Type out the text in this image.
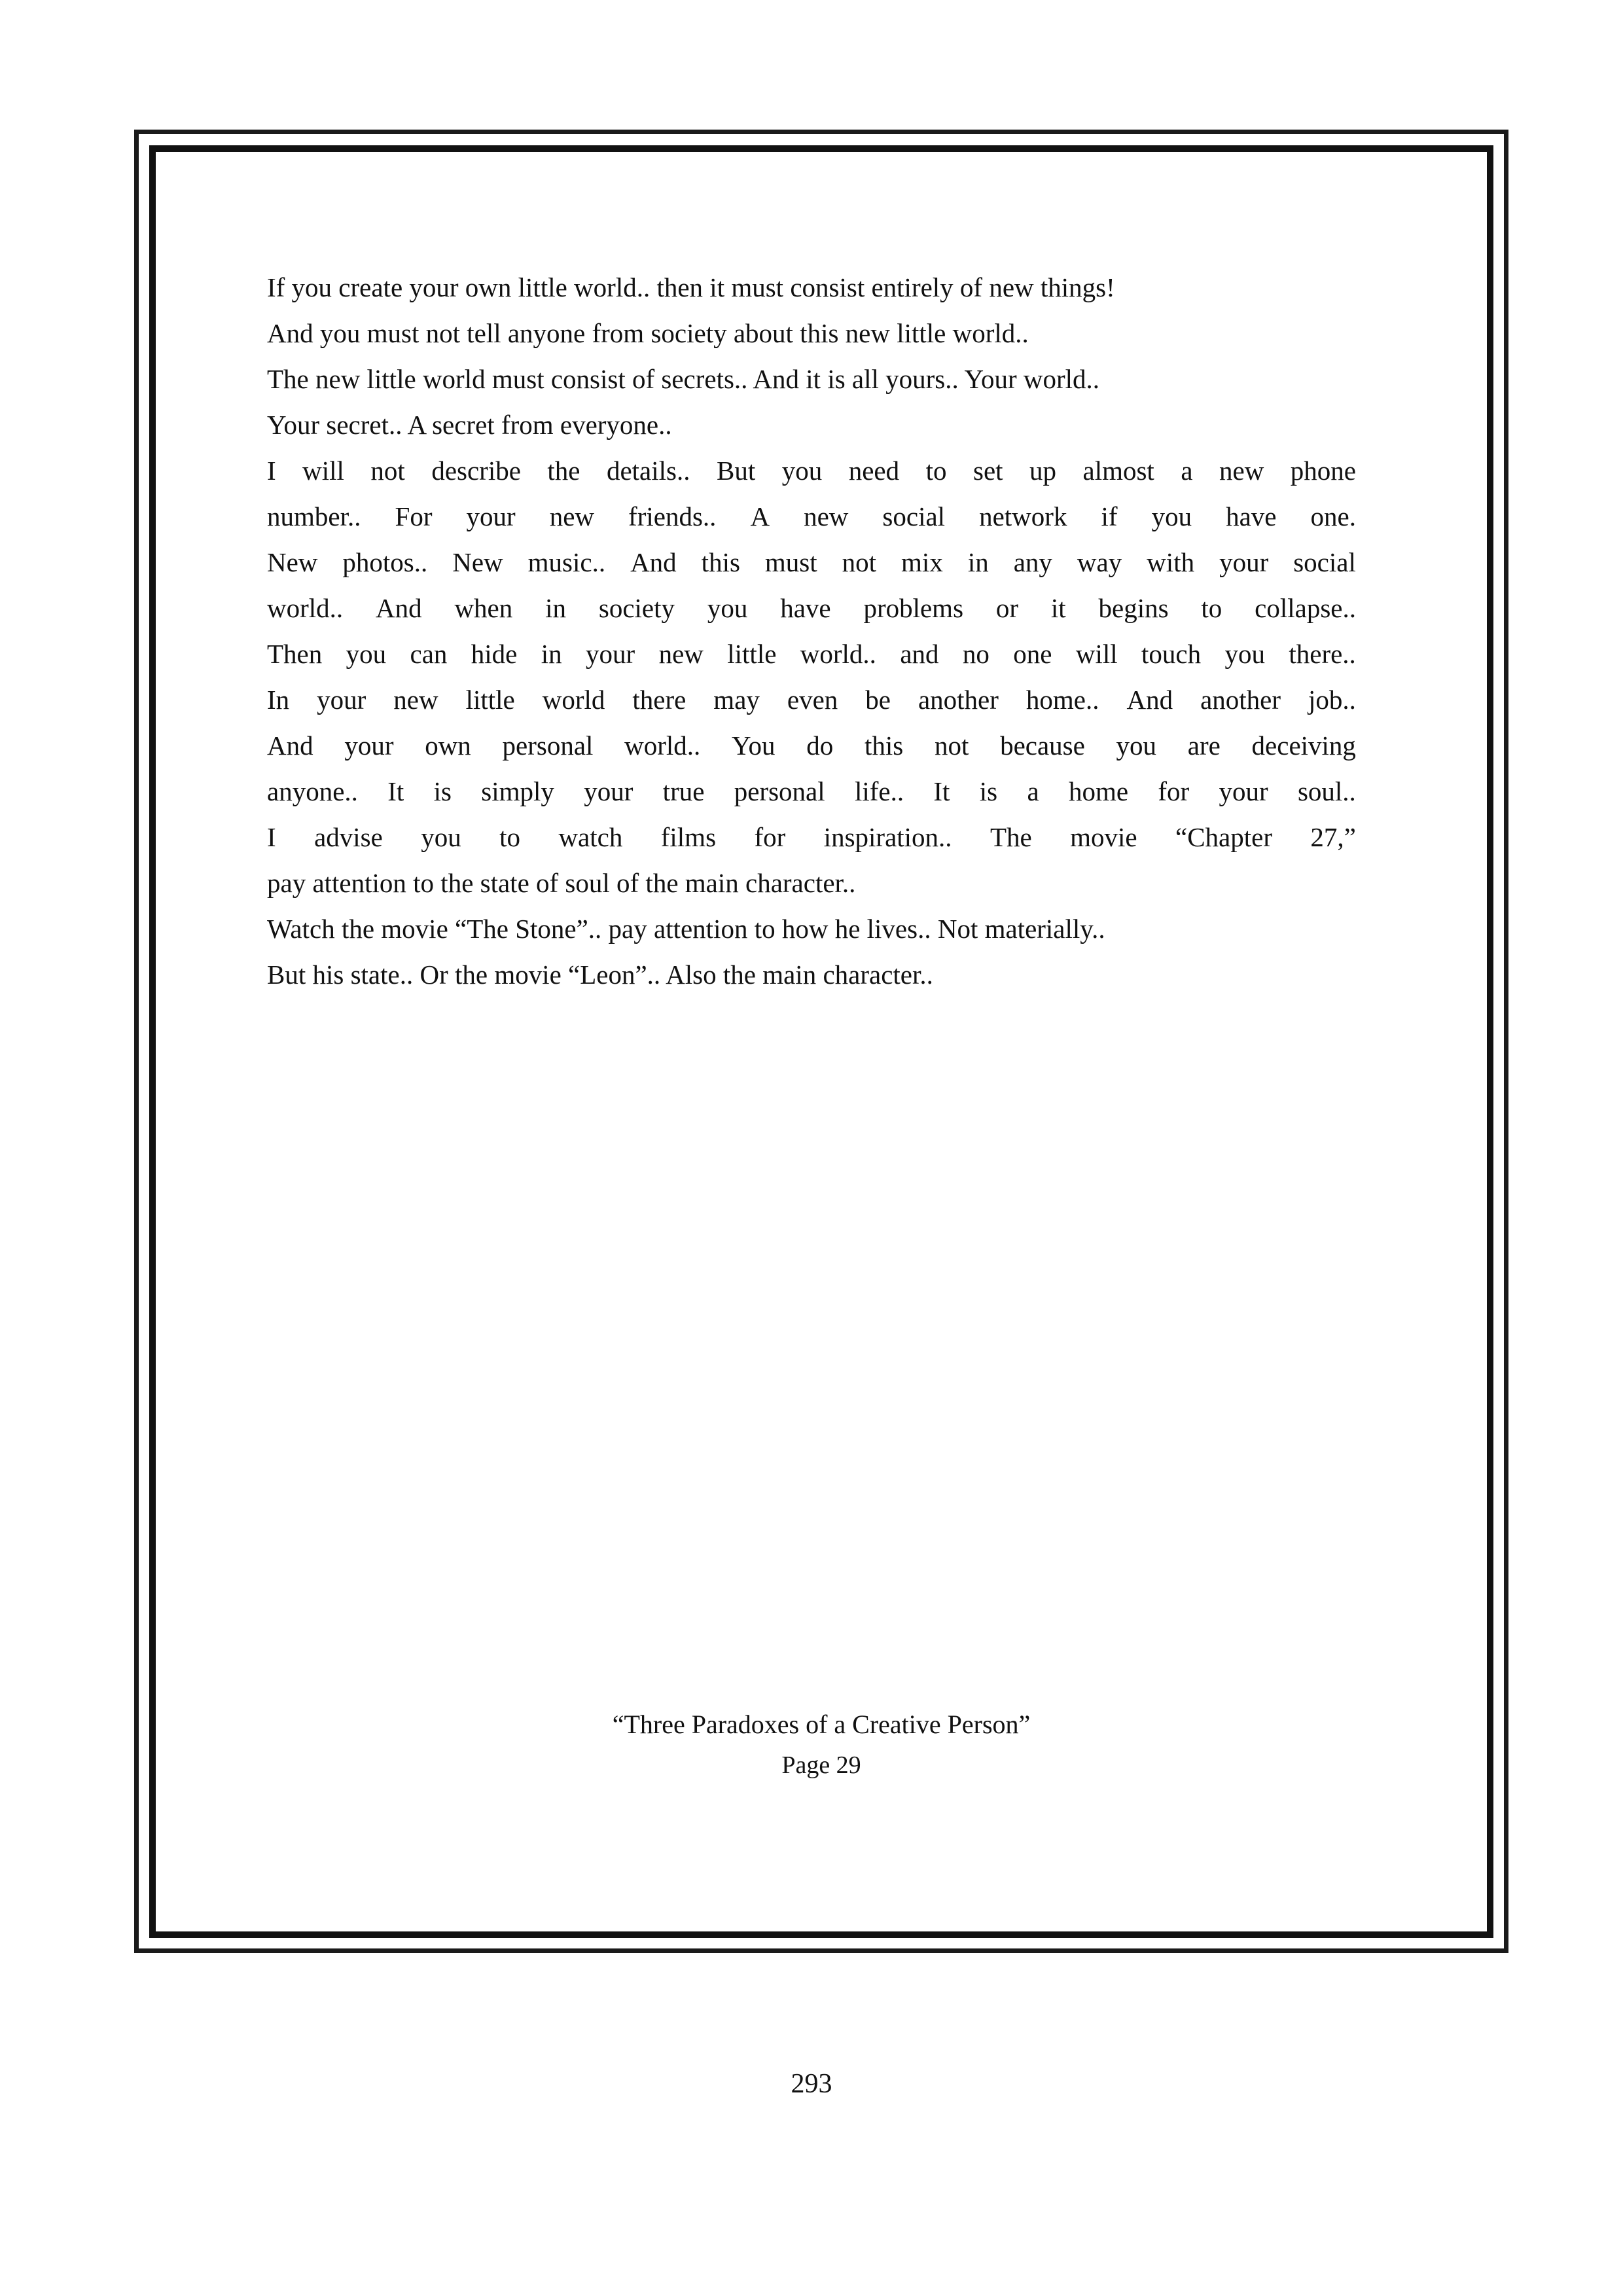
If you create your own little world.. then it must consist entirely of new things!
And you must not tell anyone from society about this new little world..
The new little world must consist of secrets.. And it is all yours.. Your world..
Your secret.. A secret from everyone..
I will not describe the details.. But you need to set up almost a new phone
number.. For your new friends.. A new social network if you have one.
New photos.. New music.. And this must not mix in any way with your social
world.. And when in society you have problems or it begins to collapse..
Then you can hide in your new little world.. and no one will touch you there..
In your new little world there may even be another home.. And another job..
And your own personal world.. You do this not because you are deceiving
anyone.. It is simply your true personal life.. It is a home for your soul..
I advise you to watch films for inspiration.. The movie “Chapter 27,”
pay attention to the state of soul of the main character..
Watch the movie “The Stone”.. pay attention to how he lives.. Not materially..
But his state.. Or the movie “Leon”.. Also the main character..
“Three Paradoxes of a Creative Person”
Page 29
293
